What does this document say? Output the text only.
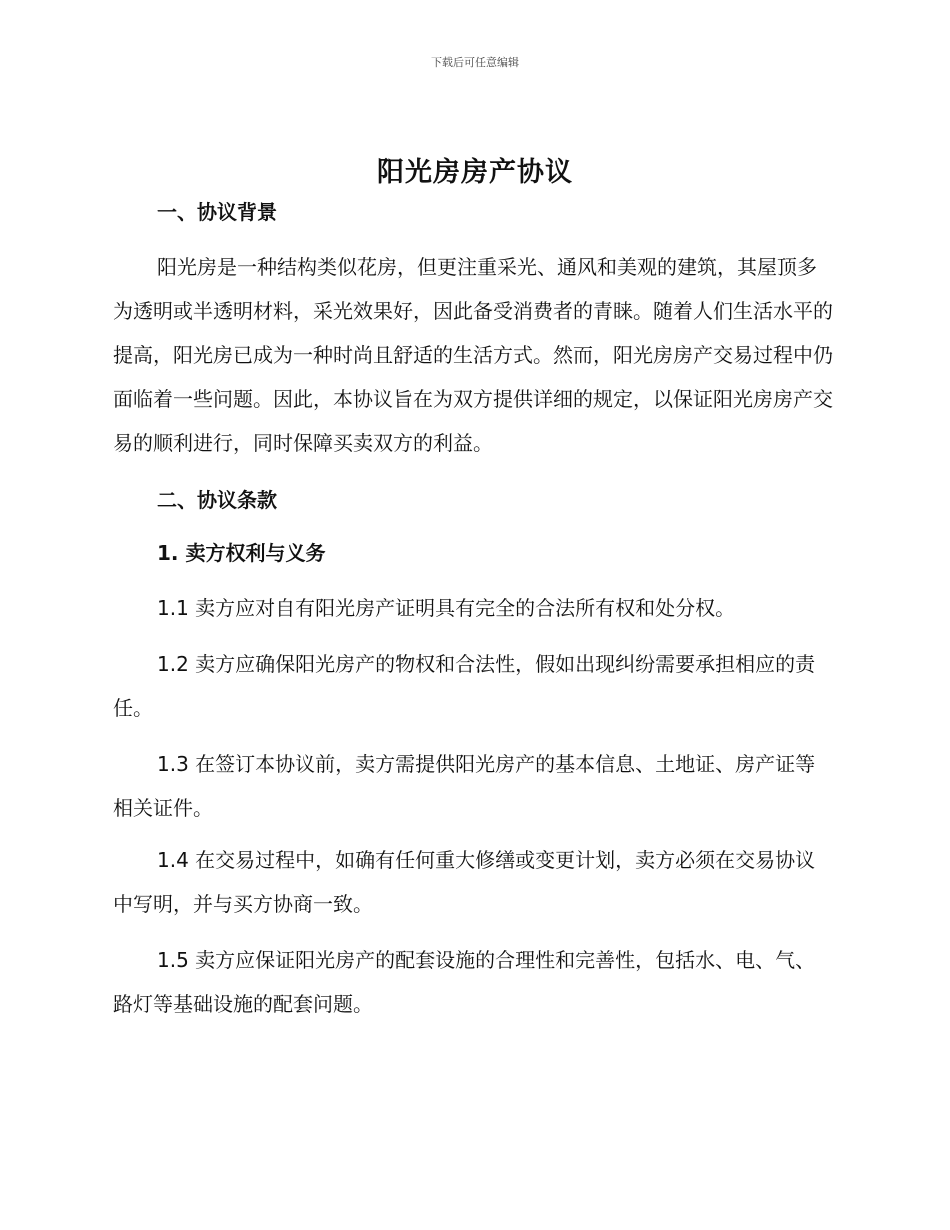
下载后可任意编辑
阳光房房产协议
一、协议背景

阳光房是一种结构类似花房，但更注重采光、通风和美观的建筑，其屋顶多为透明或半透明材料，采光效果好，因此备受消费者的青睐。随着人们生活水平的提高，阳光房已成为一种时尚且舒适的生活方式。然而，阳光房房产交易过程中仍面临着一些问题。因此，本协议旨在为双方提供详细的规定，以保证阳光房房产交易的顺利进行，同时保障买卖双方的利益。

二、协议条款
1. 卖方权利与义务

1.1 卖方应对自有阳光房产证明具有完全的合法所有权和处分权。

1.2 卖方应确保阳光房产的物权和合法性，假如出现纠纷需要承担相应的责任。

1.3 在签订本协议前，卖方需提供阳光房产的基本信息、土地证、房产证等相关证件。

1.4 在交易过程中，如确有任何重大修缮或变更计划，卖方必须在交易协议中写明，并与买方协商一致。

1.5 卖方应保证阳光房产的配套设施的合理性和完善性，包括水、电、气、路灯等基础设施的配套问题。
